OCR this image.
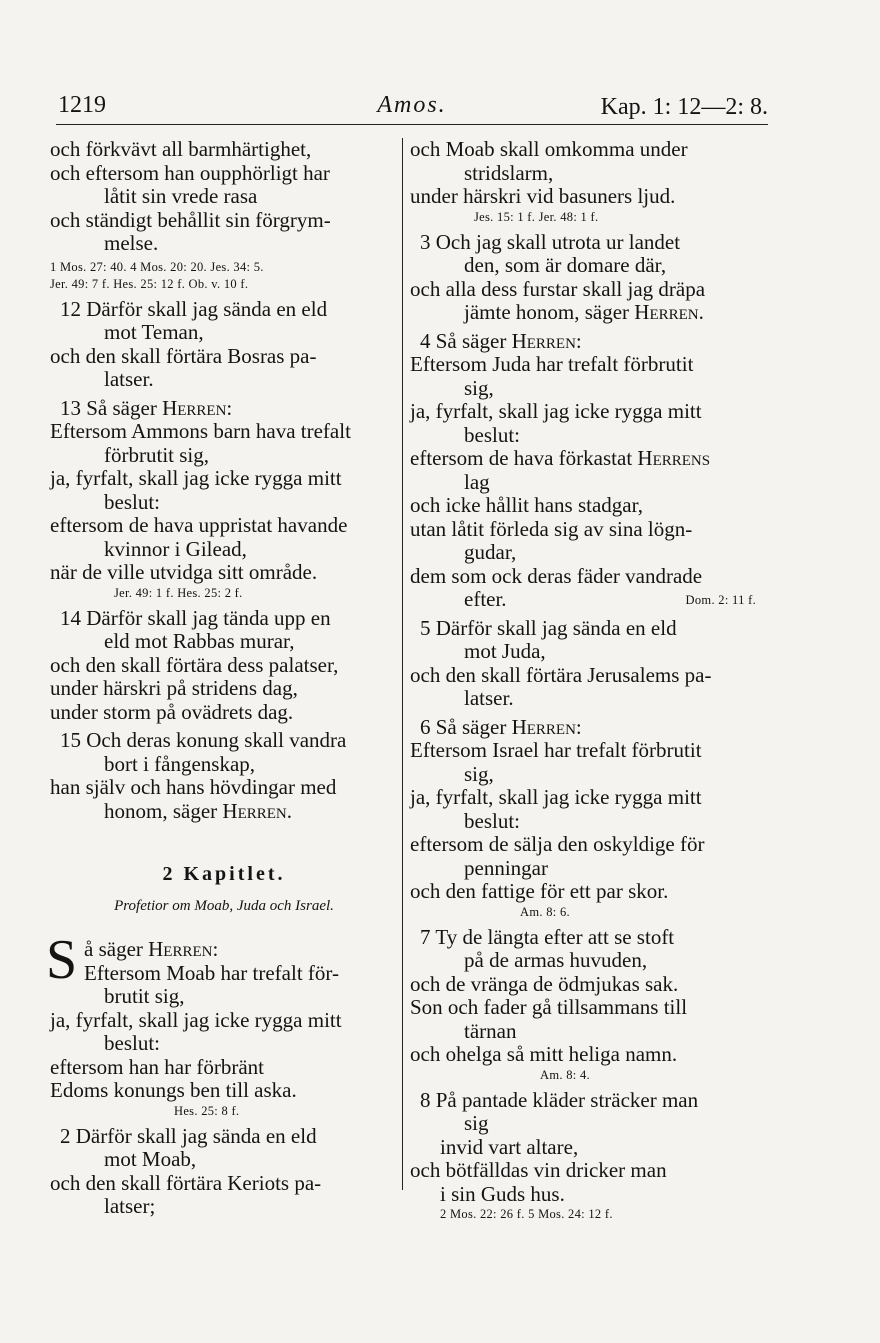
1219	Amos.	Kap. 1: 12—2: 8.
och förkvävt all barmhärtighet,
och eftersom han oupphörligt har
låtit sin vrede rasa
och ständigt behållit sin förgrym-
melse.
1 Mos. 27: 40. 4 Mos. 20: 20. Jes. 34: 5.
Jer. 49: 7 f. Hes. 25: 12 f. Ob. v. 10 f.
12 Därför skall jag sända en eld
mot Teman,
och den skall förtära Bosras pa-
latser.
13 Så säger Herren:
Eftersom Ammons barn hava trefalt
förbrutit sig,
ja, fyrfalt, skall jag icke rygga mitt
beslut:
eftersom de hava uppristat havande
kvinnor i Gilead,
när de ville utvidga sitt område.
Jer. 49: 1 f. Hes. 25: 2 f.
14 Därför skall jag tända upp en
eld mot Rabbas murar,
och den skall förtära dess palatser,
under härskri på stridens dag,
under storm på ovädrets dag.
15 Och deras konung skall vandra
bort i fångenskap,
han själv och hans hövdingar med
honom, säger Herren.
2 Kapitlet.
Profetior om Moab, Juda och Israel.
S å säger Herren:
Eftersom Moab har trefalt för-
brutit sig,
ja, fyrfalt, skall jag icke rygga mitt
beslut:
eftersom han har förbränt
Edoms konungs ben till aska.
Hes. 25: 8 f.
2 Därför skall jag sända en eld
mot Moab,
och den skall förtära Keriots pa-
latser;
och Moab skall omkomma under
stridslarm,
under härskri vid basuners ljud.
Jes. 15: 1 f. Jer. 48: 1 f.
3 Och jag skall utrota ur landet
den, som är domare där,
och alla dess furstar skall jag dräpa
jämte honom, säger Herren.
4 Så säger Herren:
Eftersom Juda har trefalt förbrutit
sig,
ja, fyrfalt, skall jag icke rygga mitt
beslut:
eftersom de hava förkastat Herrens
lag
och icke hållit hans stadgar,
utan låtit förleda sig av sina lögn-
gudar,
dem som ock deras fäder vandrade
efter.	Dom. 2: 11 f.
5 Därför skall jag sända en eld
mot Juda,
och den skall förtära Jerusalems pa-
latser.
6 Så säger Herren:
Eftersom Israel har trefalt förbrutit
sig,
ja, fyrfalt, skall jag icke rygga mitt
beslut:
eftersom de sälja den oskyldige för
penningar
och den fattige för ett par skor.
Am. 8: 6.
7 Ty de längta efter att se stoft
på de armas huvuden,
och de vränga de ödmjukas sak.
Son och fader gå tillsammans till
tärnan
och ohelga så mitt heliga namn.
Am. 8: 4.
8 På pantade kläder sträcker man
sig
invid vart altare,
och bötfälldas vin dricker man
i sin Guds hus.
2 Mos. 22: 26 f. 5 Mos. 24: 12 f.
